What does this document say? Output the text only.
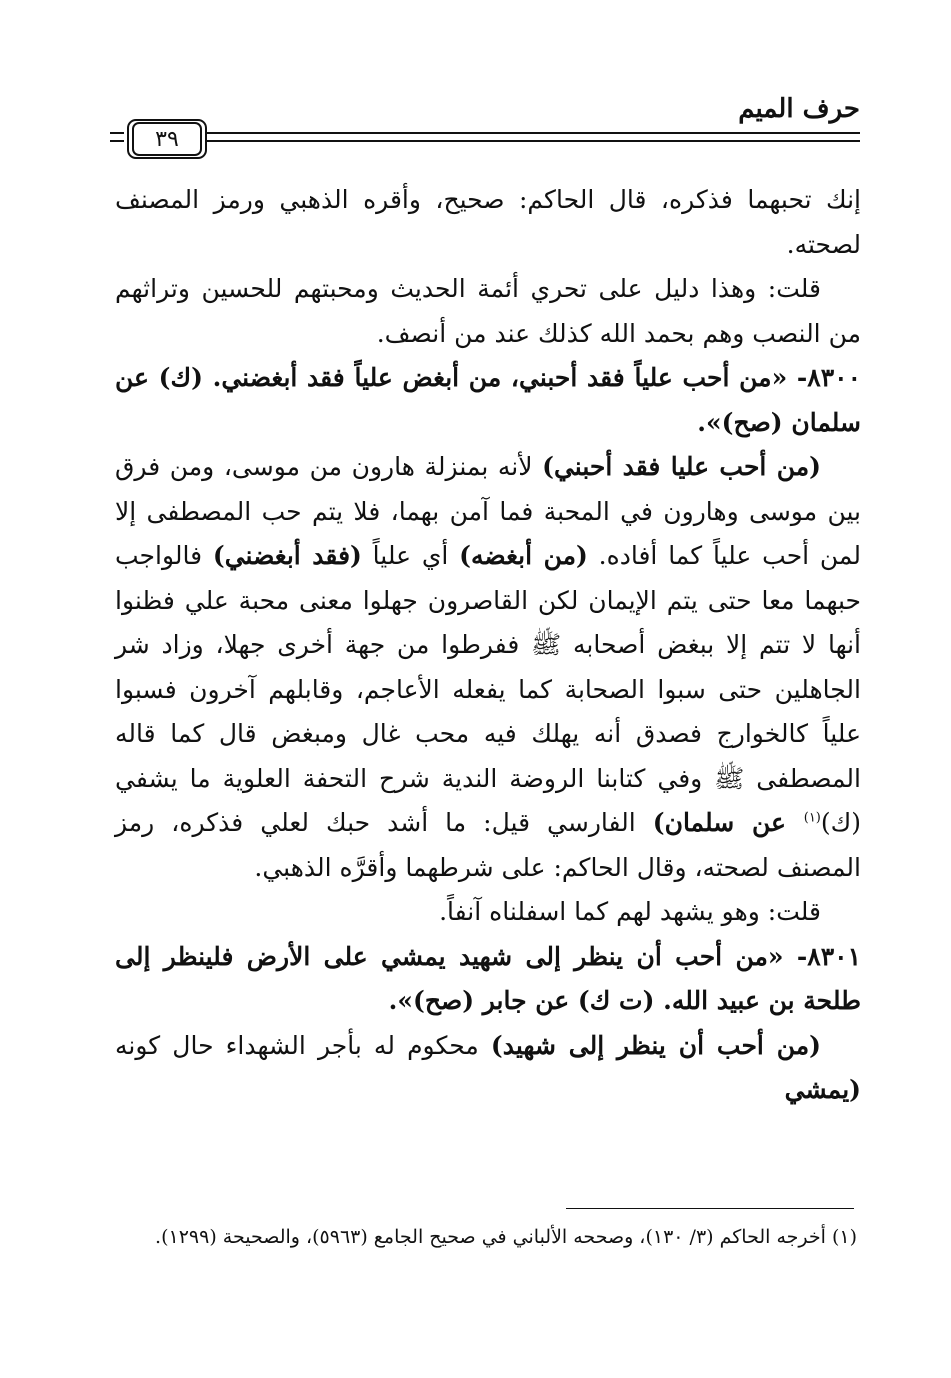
حرف الميم
٣٩

إنك تحبهما فذكره، قال الحاكم: صحيح، وأقره الذهبي ورمز المصنف لصحته.

قلت: وهذا دليل على تحري أئمة الحديث ومحبتهم للحسين وتراثهم من النصب وهم بحمد الله كذلك عند من أنصف.

٨٣٠٠- «من أحب علياً فقد أحبني، من أبغض علياً فقد أبغضني. (ك) عن سلمان (صح)».

(من أحب عليا فقد أحبني) لأنه بمنزلة هارون من موسى، ومن فرق بين موسى وهارون في المحبة فما آمن بهما، فلا يتم حب المصطفى إلا لمن أحب علياً كما أفاده. (من أبغضه) أي علياً (فقد أبغضني) فالواجب حبهما معا حتى يتم الإيمان لكن القاصرون جهلوا معنى محبة علي فظنوا أنها لا تتم إلا ببغض أصحابه ﷺ ففرطوا من جهة أخرى جهلا، وزاد شر الجاهلين حتى سبوا الصحابة كما يفعله الأعاجم، وقابلهم آخرون فسبوا علياً كالخوارج فصدق أنه يهلك فيه محب غال ومبغض قال كما قاله المصطفى ﷺ وفي كتابنا الروضة الندية شرح التحفة العلوية ما يشفي (ك)$^{(١)}$ عن سلمان) الفارسي قيل: ما أشد حبك لعلي فذكره، رمز المصنف لصحته، وقال الحاكم: على شرطهما وأقرَّه الذهبي.

قلت: وهو يشهد لهم كما اسفلناه آنفاً.

٨٣٠١- «من أحب أن ينظر إلى شهيد يمشي على الأرض فلينظر إلى طلحة بن عبيد الله. (ت ك) عن جابر (صح)».

(من أحب أن ينظر إلى شهيد) محكوم له بأجر الشهداء حال كونه (يمشي

(١) أخرجه الحاكم (٣/ ١٣٠)، وصححه الألباني في صحيح الجامع (٥٩٦٣)، والصحيحة (١٢٩٩).
